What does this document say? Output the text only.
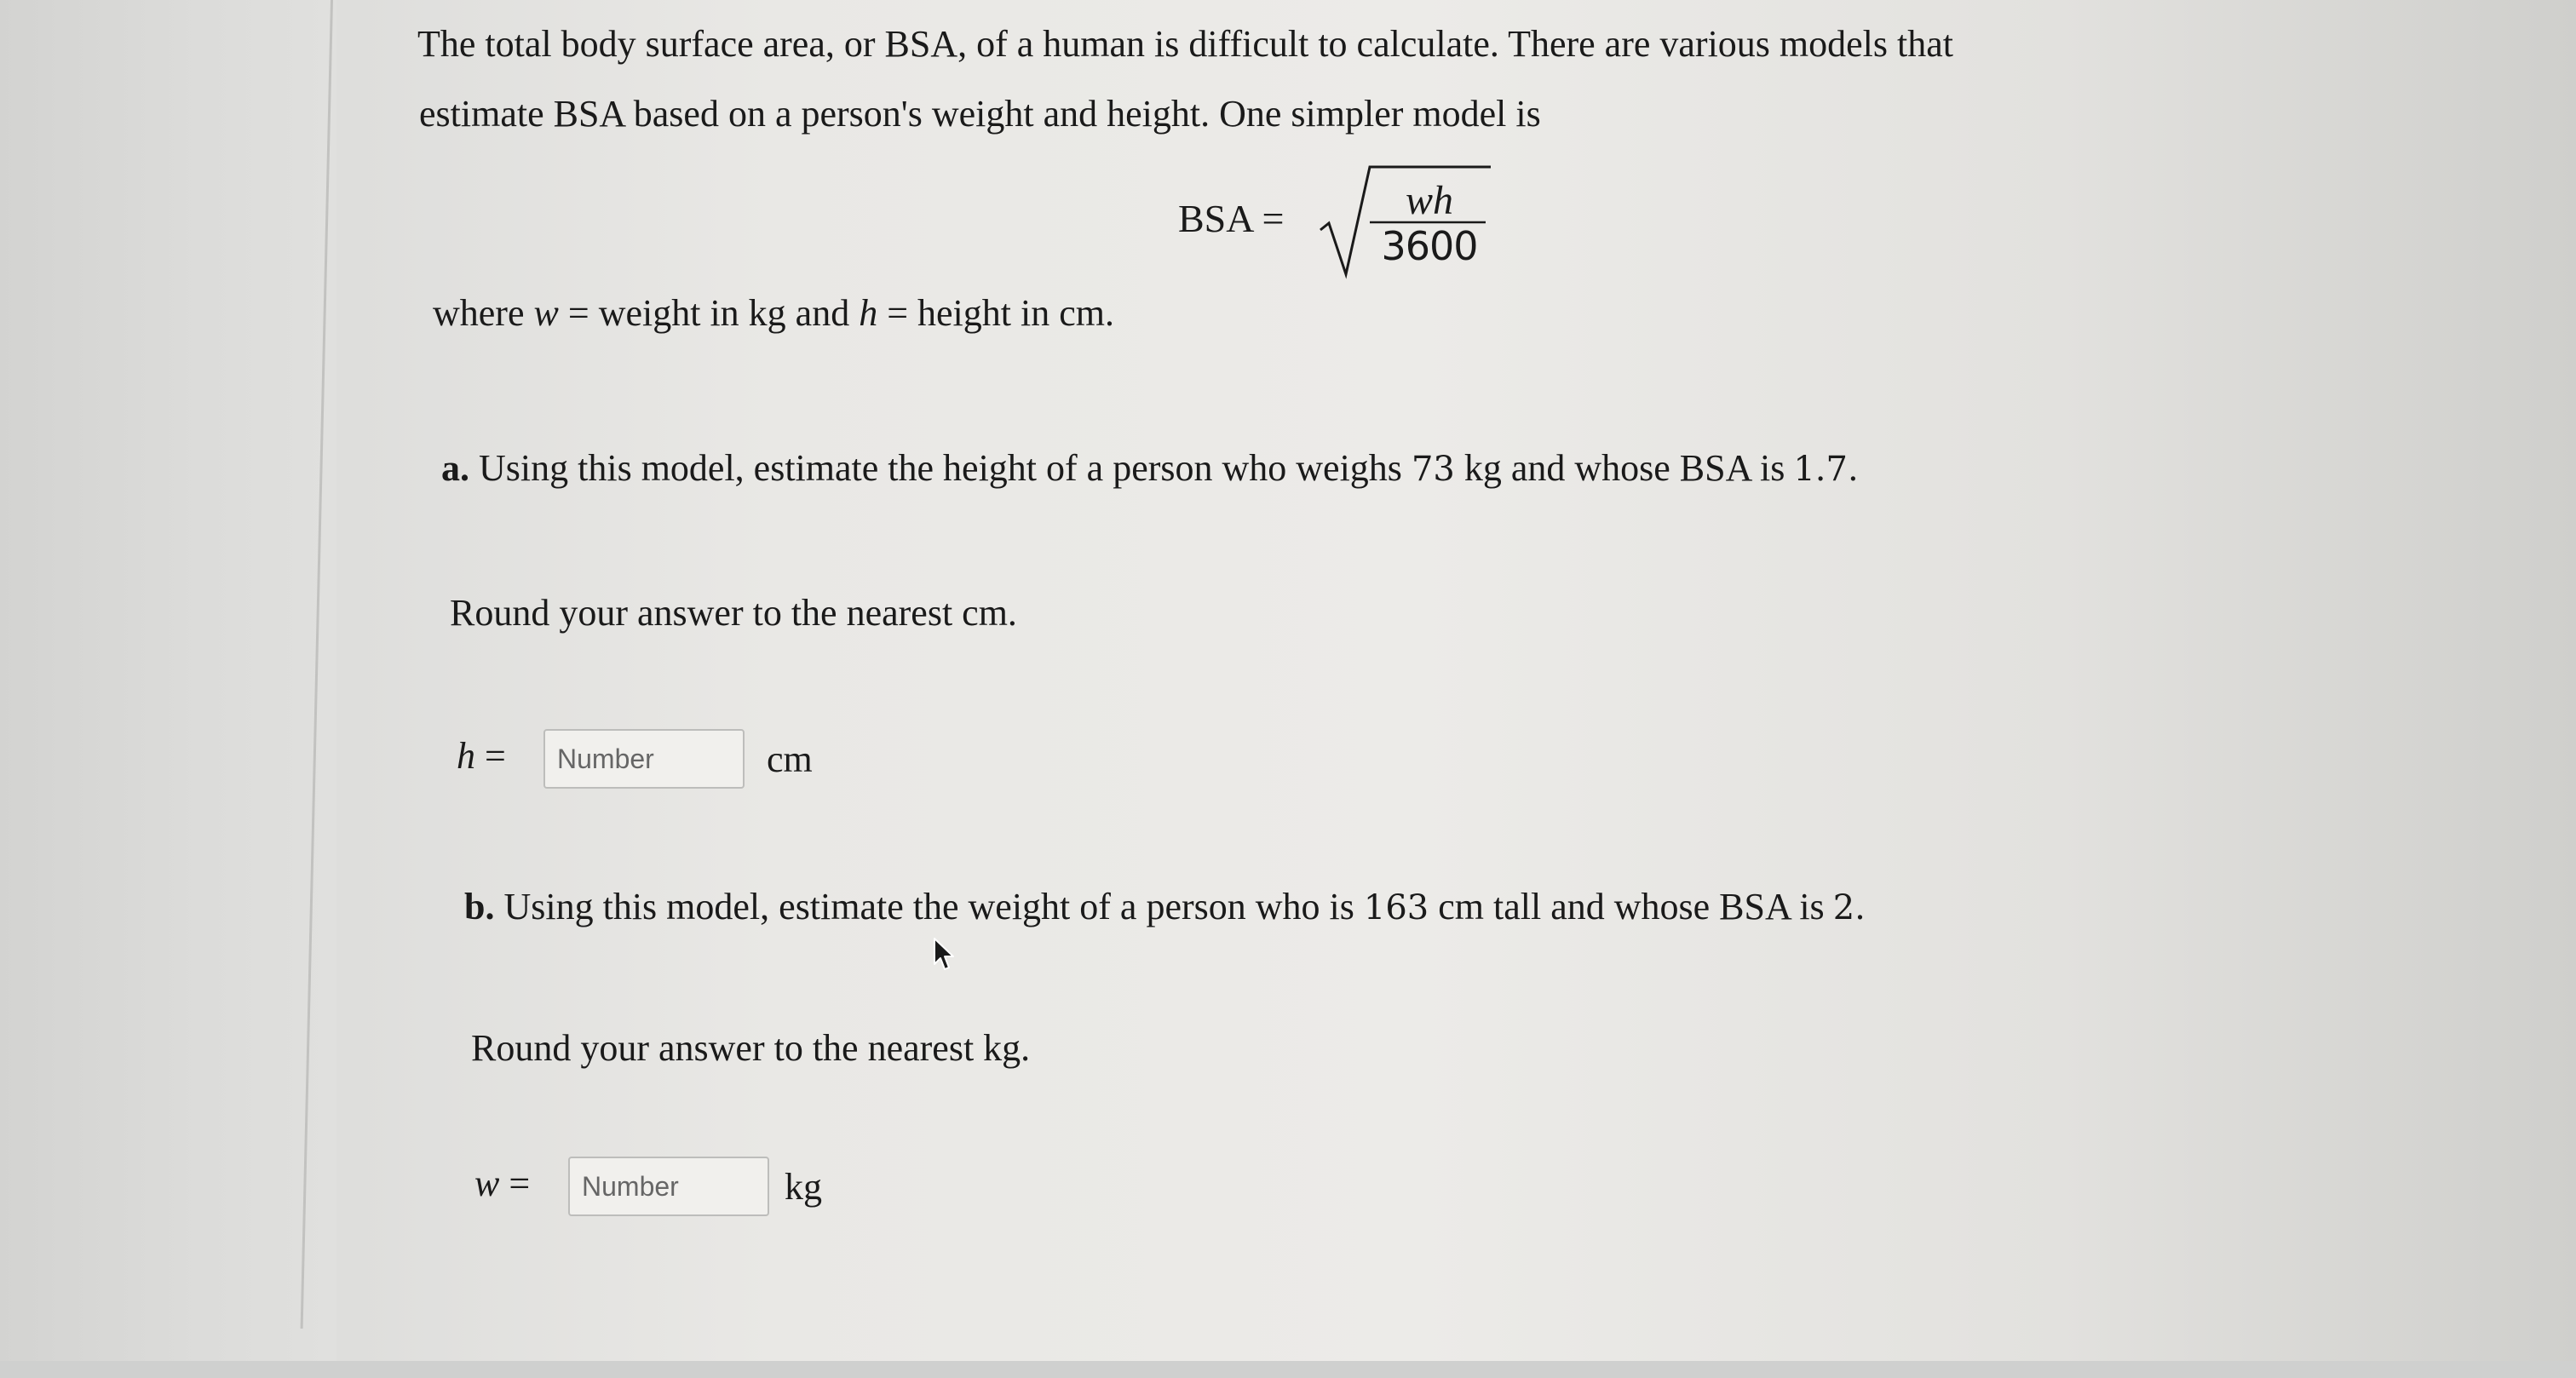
The total body surface area, or BSA, of a human is difficult to calculate. There are various models that
estimate BSA based on a person's weight and height. One simpler model is
BSA =	wh
3600
where w = weight in kg and h = height in cm.
a. Using this model, estimate the height of a person who weighs 73 kg and whose BSA is 1.7.
Round your answer to the nearest cm.
h =
Number	cm
b. Using this model, estimate the weight of a person who is 163 cm tall and whose BSA is 2.
Round your answer to the nearest kg.
w =
Number	kg
